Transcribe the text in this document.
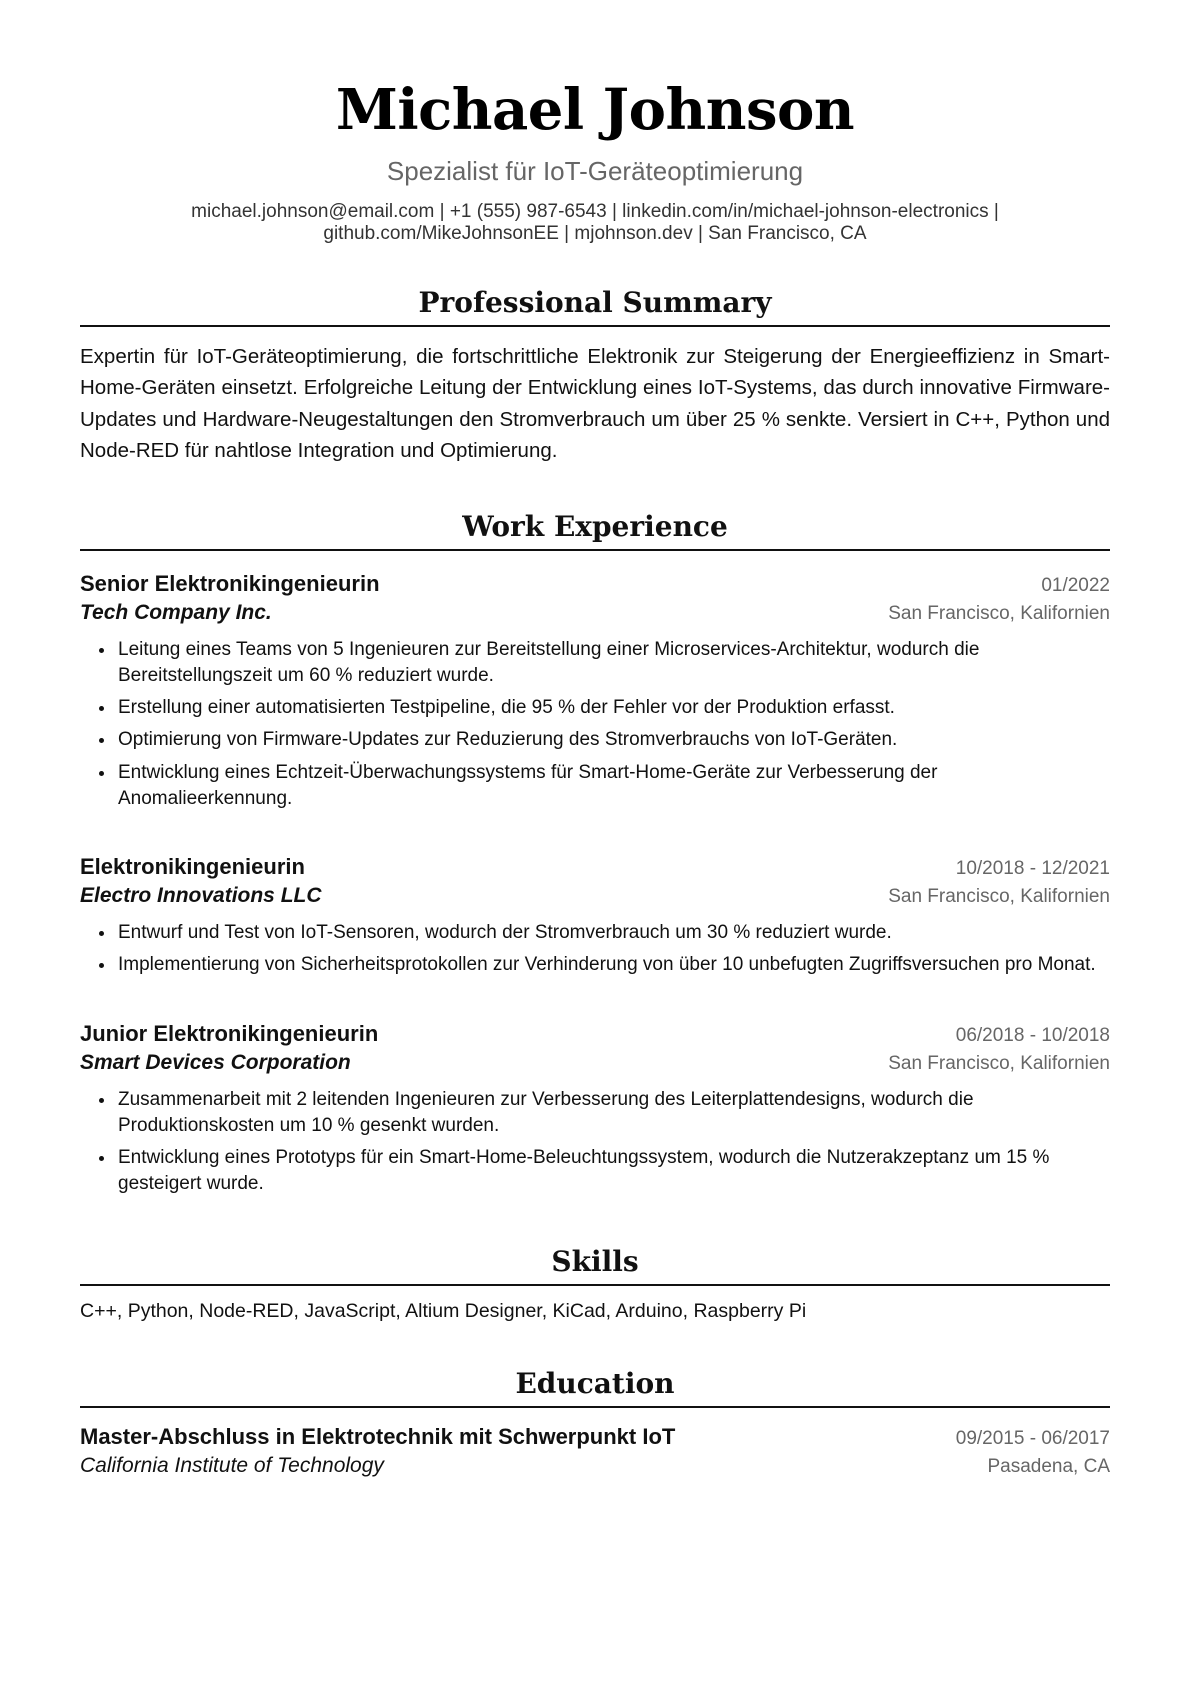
Michael Johnson
Spezialist für IoT-Geräteoptimierung
michael.johnson@email.com | +1 (555) 987-6543 | linkedin.com/in/michael-johnson-electronics |
github.com/MikeJohnsonEE | mjohnson.dev | San Francisco, CA
Professional Summary
Expertin für IoT-Geräteoptimierung, die fortschrittliche Elektronik zur Steigerung der Energieeffizienz in Smart-Home-Geräten einsetzt. Erfolgreiche Leitung der Entwicklung eines IoT-Systems, das durch innovative Firmware-Updates und Hardware-Neugestaltungen den Stromverbrauch um über 25 % senkte. Versiert in C++, Python und Node-RED für nahtlose Integration und Optimierung.
Work Experience
Senior Elektronikingenieurin	01/2022
Tech Company Inc.	San Francisco, Kalifornien
• Leitung eines Teams von 5 Ingenieuren zur Bereitstellung einer Microservices-Architektur, wodurch die Bereitstellungszeit um 60 % reduziert wurde.
• Erstellung einer automatisierten Testpipeline, die 95 % der Fehler vor der Produktion erfasst.
• Optimierung von Firmware-Updates zur Reduzierung des Stromverbrauchs von IoT-Geräten.
• Entwicklung eines Echtzeit-Überwachungssystems für Smart-Home-Geräte zur Verbesserung der Anomalieerkennung.
Elektronikingenieurin	10/2018 - 12/2021
Electro Innovations LLC	San Francisco, Kalifornien
• Entwurf und Test von IoT-Sensoren, wodurch der Stromverbrauch um 30 % reduziert wurde.
• Implementierung von Sicherheitsprotokollen zur Verhinderung von über 10 unbefugten Zugriffsversuchen pro Monat.
Junior Elektronikingenieurin	06/2018 - 10/2018
Smart Devices Corporation	San Francisco, Kalifornien
• Zusammenarbeit mit 2 leitenden Ingenieuren zur Verbesserung des Leiterplattendesigns, wodurch die Produktionskosten um 10 % gesenkt wurden.
• Entwicklung eines Prototyps für ein Smart-Home-Beleuchtungssystem, wodurch die Nutzerakzeptanz um 15 % gesteigert wurde.
Skills
C++, Python, Node-RED, JavaScript, Altium Designer, KiCad, Arduino, Raspberry Pi
Education
Master-Abschluss in Elektrotechnik mit Schwerpunkt IoT	09/2015 - 06/2017
California Institute of Technology	Pasadena, CA
